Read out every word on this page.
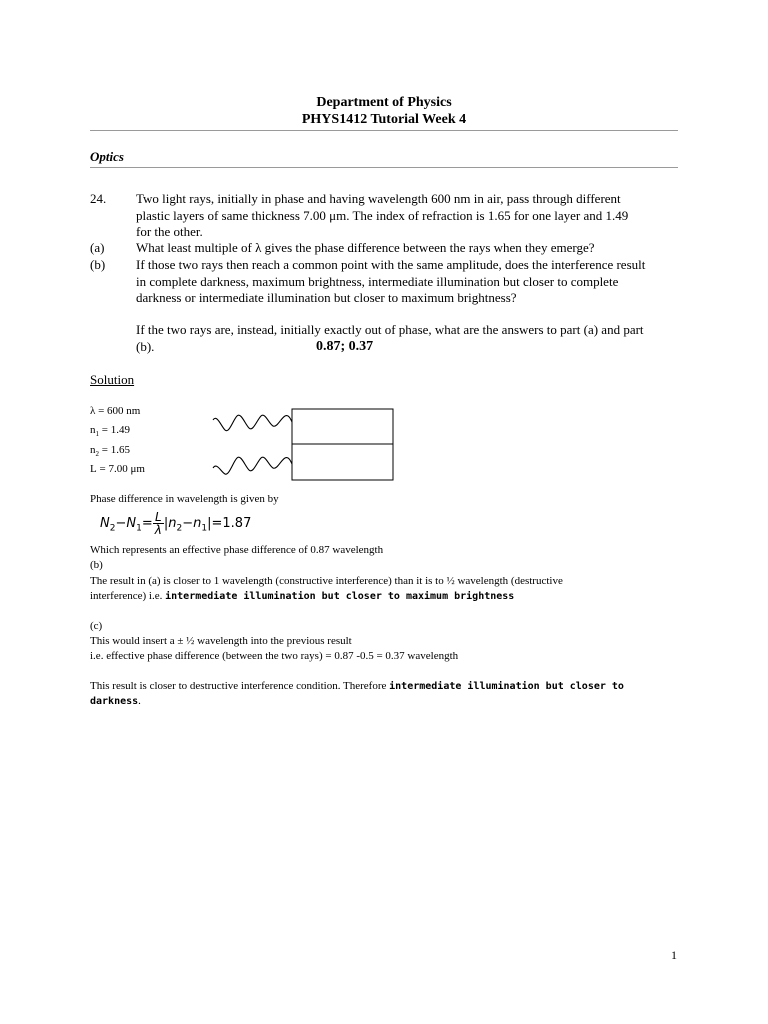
Department of Physics
PHYS1412 Tutorial Week 4
Optics
24. Two light rays, initially in phase and having wavelength 600 nm in air, pass through different
plastic layers of same thickness 7.00 μm. The index of refraction is 1.65 for one layer and 1.49
for the other.
(a) What least multiple of λ gives the phase difference between the rays when they emerge?
(b) If those two rays then reach a common point with the same amplitude, does the interference result
in complete darkness, maximum brightness, intermediate illumination but closer to complete
darkness or intermediate illumination but closer to maximum brightness?
If the two rays are, instead, initially exactly out of phase, what are the answers to part (a) and part
(b).	0.87; 0.37
Solution
λ = 600 nm
$n_1 = 1.49$
$n_2 = 1.65$
L = 7.00 μm
Phase difference in wavelength is given by
$N_2-N_1= \frac{L}{\lambda} |n_2-n_1|=1.87$
Which represents an effective phase difference of 0.87 wavelength
(b)
The result in (a) is closer to 1 wavelength (constructive interference) than it is to ½ wavelength (destructive
interference) i.e. intermediate illumination but closer to maximum brightness
(c)
This would insert a ± ½ wavelength into the previous result
i.e. effective phase difference (between the two rays) = 0.87 -0.5 = 0.37 wavelength
This result is closer to destructive interference condition. Therefore intermediate illumination but closer to
darkness.
1
